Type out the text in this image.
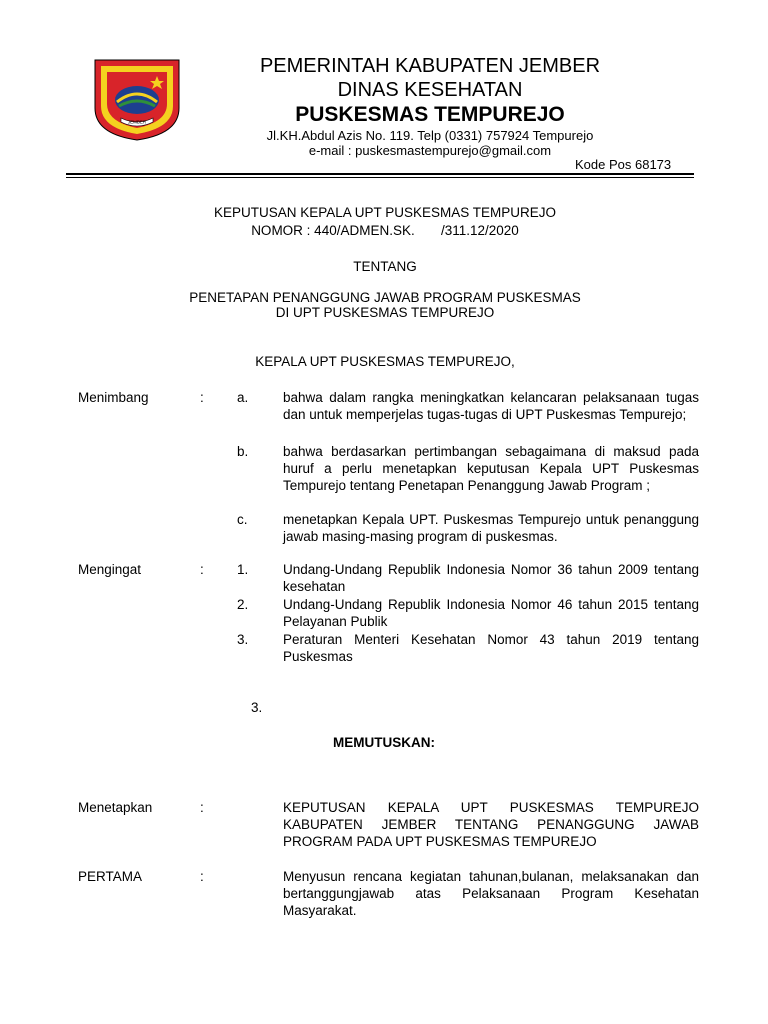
JEMBER
PEMERINTAH KABUPATEN JEMBER
DINAS KESEHATAN
PUSKESMAS TEMPUREJO
Jl.KH.Abdul Azis No. 119. Telp (0331) 757924 Tempurejo
e-mail : puskesmastempurejo@gmail.com
Kode Pos 68173
KEPUTUSAN KEPALA UPT PUSKESMAS TEMPUREJO
NOMOR : 440/ADMEN.SK.       /311.12/2020
TENTANG
PENETAPAN PENANGGUNG JAWAB PROGRAM PUSKESMAS
DI UPT PUSKESMAS TEMPUREJO
KEPALA UPT PUSKESMAS TEMPUREJO,
Menimbang	: a.	bahwa dalam rangka meningkatkan kelancaran pelaksanaan tugas dan untuk memperjelas tugas-tugas di UPT Puskesmas Tempurejo;
b.	bahwa berdasarkan pertimbangan sebagaimana di maksud pada huruf a perlu menetapkan keputusan Kepala UPT Puskesmas Tempurejo tentang Penetapan Penanggung Jawab Program ;
c.	menetapkan Kepala UPT. Puskesmas Tempurejo untuk penanggung jawab masing-masing program di puskesmas.
Mengingat	: 1.	Undang-Undang Republik Indonesia Nomor 36 tahun 2009 tentang kesehatan
2.	Undang-Undang Republik Indonesia Nomor 46 tahun 2015 tentang Pelayanan Publik
3.	Peraturan Menteri Kesehatan Nomor 43 tahun 2019 tentang Puskesmas
3.
MEMUTUSKAN:
Menetapkan	:	KEPUTUSAN KEPALA UPT PUSKESMAS TEMPUREJO KABUPATEN JEMBER TENTANG PENANGGUNG JAWAB PROGRAM PADA UPT PUSKESMAS TEMPUREJO
PERTAMA	:	Menyusun rencana kegiatan tahunan,bulanan, melaksanakan dan bertanggungjawab atas Pelaksanaan Program Kesehatan Masyarakat.
